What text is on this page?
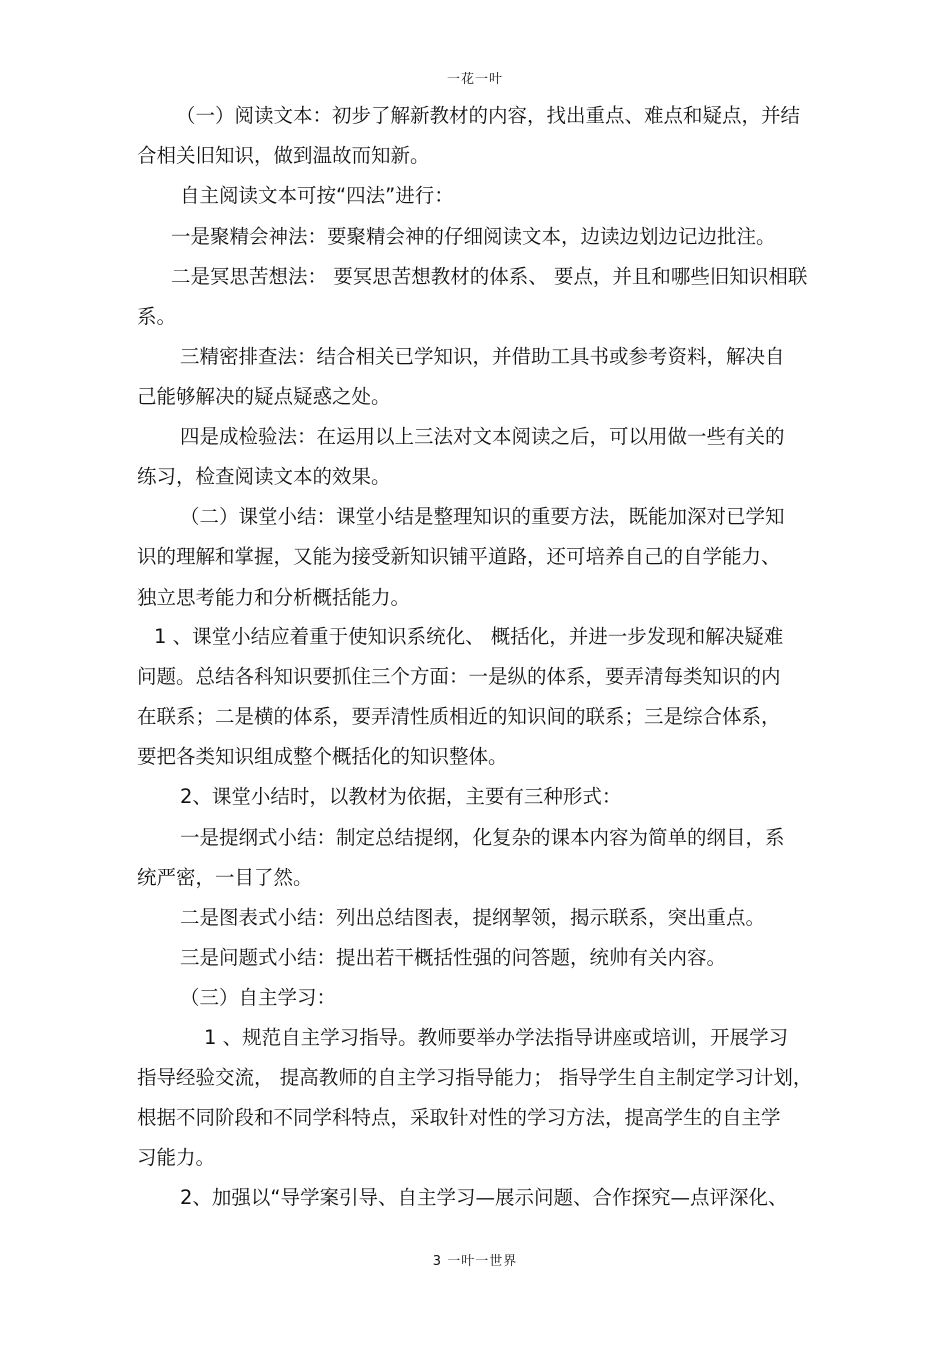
一花一叶
（一）阅读文本：初步了解新教材的内容，找出重点、难点和疑点，并结
合相关旧知识，做到温故而知新。
自主阅读文本可按“四法”进行：
一是聚精会神法：要聚精会神的仔细阅读文本，边读边划边记边批注。
二是冥思苦想法： 要冥思苦想教材的体系、 要点，并且和哪些旧知识相联
系。
三精密排查法：结合相关已学知识，并借助工具书或参考资料，解决自
己能够解决的疑点疑惑之处。
四是成检验法：在运用以上三法对文本阅读之后，可以用做一些有关的
练习，检查阅读文本的效果。
（二）课堂小结：课堂小结是整理知识的重要方法，既能加深对已学知
识的理解和掌握，又能为接受新知识铺平道路，还可培养自己的自学能力、
独立思考能力和分析概括能力。
1 、课堂小结应着重于使知识系统化、 概括化，并进一步发现和解决疑难
问题。总结各科知识要抓住三个方面：一是纵的体系，要弄清每类知识的内
在联系；二是横的体系，要弄清性质相近的知识间的联系；三是综合体系，
要把各类知识组成整个概括化的知识整体。
2、课堂小结时，以教材为依据，主要有三种形式：
一是提纲式小结：制定总结提纲，化复杂的课本内容为简单的纲目，系
统严密，一目了然。
二是图表式小结：列出总结图表，提纲挈领，揭示联系，突出重点。
三是问题式小结：提出若干概括性强的问答题，统帅有关内容。
（三）自主学习：
1 、规范自主学习指导。教师要举办学法指导讲座或培训，开展学习
指导经验交流， 提高教师的自主学习指导能力； 指导学生自主制定学习计划，
根据不同阶段和不同学科特点，采取针对性的学习方法，提高学生的自主学
习能力。
2、加强以“导学案引导、自主学习—展示问题、合作探究—点评深化、
3 一叶一世界
